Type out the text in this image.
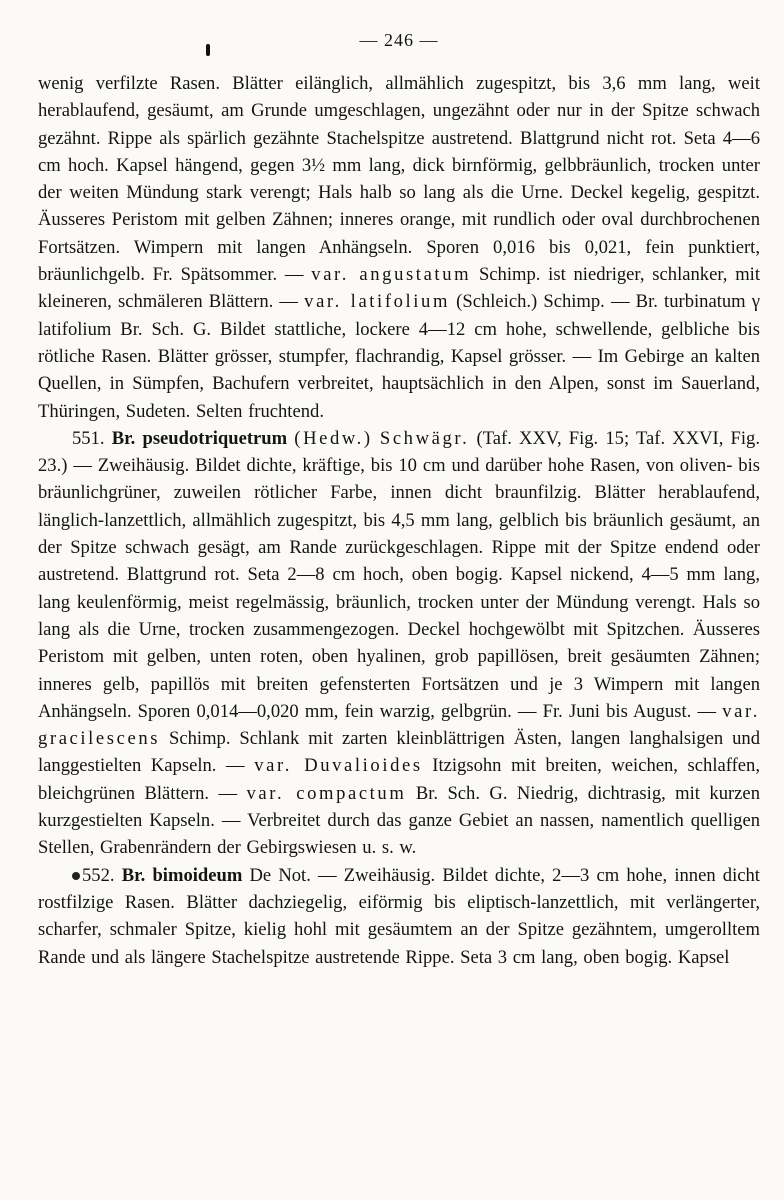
— 246 —

wenig verfilzte Rasen. Blätter eilänglich, allmählich zugespitzt, bis 3,6 mm lang, weit herablaufend, gesäumt, am Grunde umgeschlagen, ungezähnt oder nur in der Spitze schwach gezähnt. Rippe als spärlich gezähnte Stachelspitze austretend. Blattgrund nicht rot. Seta 4—6 cm hoch. Kapsel hängend, gegen 3½ mm lang, dick birnförmig, gelbbräunlich, trocken unter der weiten Mündung stark verengt; Hals halb so lang als die Urne. Deckel kegelig, gespitzt. Äusseres Peristom mit gelben Zähnen; inneres orange, mit rundlich oder oval durchbrochenen Fortsätzen. Wimpern mit langen Anhängseln. Sporen 0,016 bis 0,021, fein punktiert, bräunlichgelb. Fr. Spätsommer. — var. angustatum Schimp. ist niedriger, schlanker, mit kleineren, schmäleren Blättern. — var. latifolium (Schleich.) Schimp. — Br. turbinatum γ latifolium Br. Sch. G. Bildet stattliche, lockere 4—12 cm hohe, schwellende, gelbliche bis rötliche Rasen. Blätter grösser, stumpfer, flachrandig, Kapsel grösser. — Im Gebirge an kalten Quellen, in Sümpfen, Bachufern verbreitet, hauptsächlich in den Alpen, sonst im Sauerland, Thüringen, Sudeten. Selten fruchtend.

551. Br. pseudotriquetrum (Hedw.) Schwägr. (Taf. XXV, Fig. 15; Taf. XXVI, Fig. 23.) — Zweihäusig. Bildet dichte, kräftige, bis 10 cm und darüber hohe Rasen, von oliven- bis bräunlichgrüner, zuweilen rötlicher Farbe, innen dicht braunfilzig. Blätter herablaufend, länglich-lanzettlich, allmählich zugespitzt, bis 4,5 mm lang, gelblich bis bräunlich gesäumt, an der Spitze schwach gesägt, am Rande zurückgeschlagen. Rippe mit der Spitze endend oder austretend. Blattgrund rot. Seta 2—8 cm hoch, oben bogig. Kapsel nickend, 4—5 mm lang, lang keulenförmig, meist regelmässig, bräunlich, trocken unter der Mündung verengt. Hals so lang als die Urne, trocken zusammengezogen. Deckel hochgewölbt mit Spitzchen. Äusseres Peristom mit gelben, unten roten, oben hyalinen, grob papillösen, breit gesäumten Zähnen; inneres gelb, papillös mit breiten gefensterten Fortsätzen und je 3 Wimpern mit langen Anhängseln. Sporen 0,014—0,020 mm, fein warzig, gelbgrün. — Fr. Juni bis August. — var. gracilescens Schimp. Schlank mit zarten kleinblättrigen Ästen, langen langhalsigen und langgestielten Kapseln. — var. Duvalioides Itzigsohn mit breiten, weichen, schlaffen, bleichgrünen Blättern. — var. compactum Br. Sch. G. Niedrig, dichtrasig, mit kurzen kurzgestielten Kapseln. — Verbreitet durch das ganze Gebiet an nassen, namentlich quelligen Stellen, Grabenrändern der Gebirgswiesen u. s. w.

552. Br. bimoideum De Not. — Zweihäusig. Bildet dichte, 2—3 cm hohe, innen dicht rostfilzige Rasen. Blätter dachziegelig, eiförmig bis eliptisch-lanzettlich, mit verlängerter, scharfer, schmaler Spitze, kielig hohl mit gesäumtem an der Spitze gezähntem, umgerolltem Rande und als längere Stachelspitze austretende Rippe. Seta 3 cm lang, oben bogig. Kapsel
